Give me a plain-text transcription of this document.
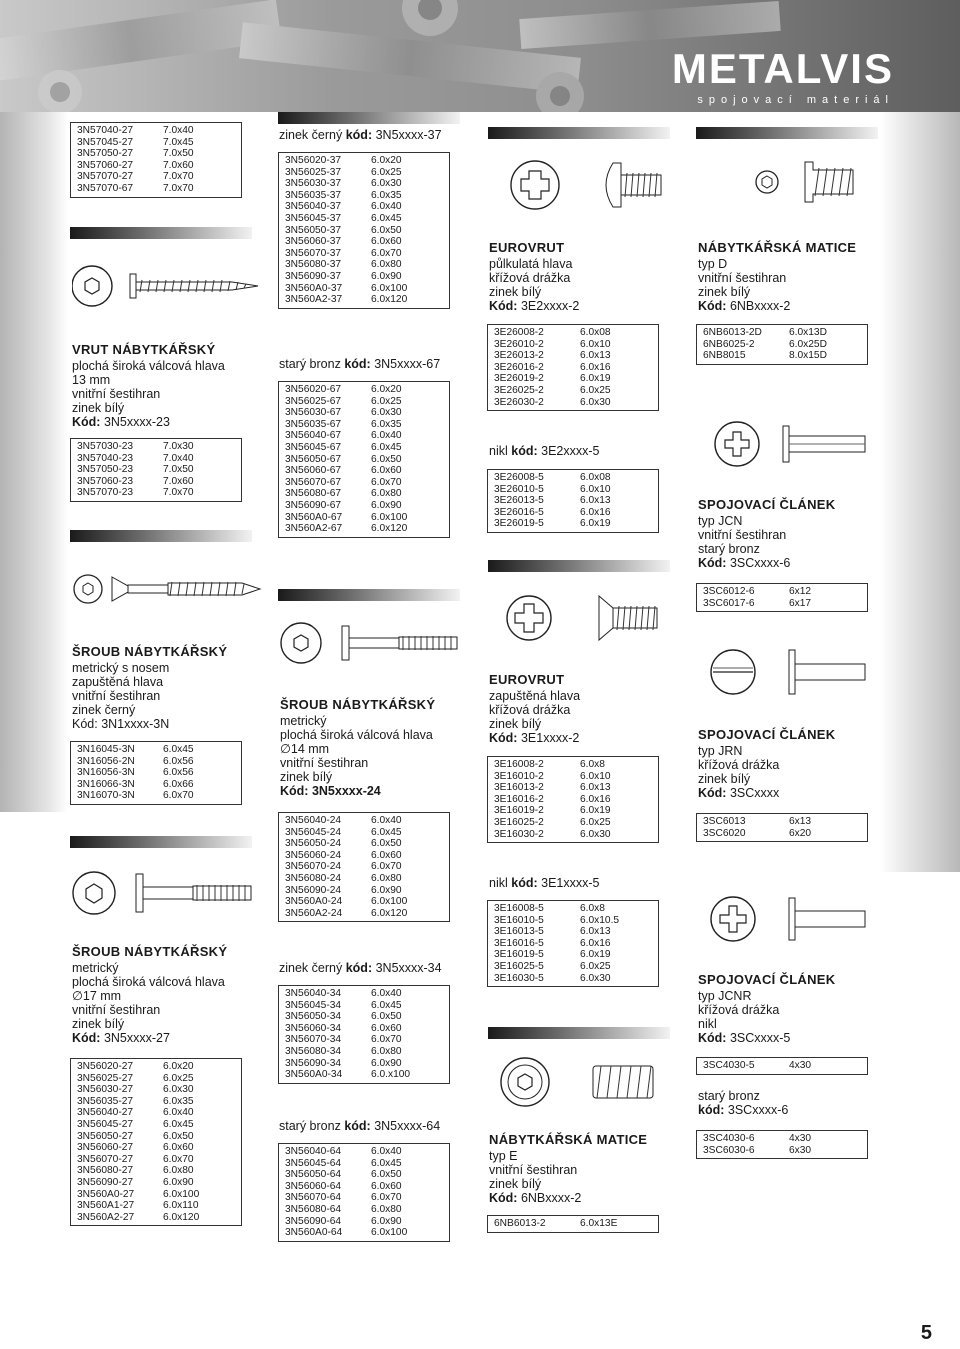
METALVIS
spojovací materiál
3N57040-27	7.0x40
3N57045-27	7.0x45
3N57050-27	7.0x50
3N57060-27	7.0x60
3N57070-27	7.0x70
3N57070-67	7.0x70
VRUT NÁBYTKÁŘSKÝ
plochá široká válcová hlava
13 mm
vnitřní šestihran
zinek bílý
Kód: 3N5xxxx-23
3N57030-23	7.0x30
3N57040-23	7.0x40
3N57050-23	7.0x50
3N57060-23	7.0x60
3N57070-23	7.0x70
ŠROUB NÁBYTKÁŘSKÝ
metrický s nosem
zapuštěná hlava
vnitřní šestihran
zinek černý
Kód: 3N1xxxx-3N
3N16045-3N	6.0x45
3N16056-2N	6.0x56
3N16056-3N	6.0x56
3N16066-3N	6.0x66
3N16070-3N	6.0x70
ŠROUB NÁBYTKÁŘSKÝ
metrický
plochá široká válcová hlava
∅17 mm
vnitřní šestihran
zinek bílý
Kód: 3N5xxxx-27
3N56020-27	6.0x20
3N56025-27	6.0x25
3N56030-27	6.0x30
3N56035-27	6.0x35
3N56040-27	6.0x40
3N56045-27	6.0x45
3N56050-27	6.0x50
3N56060-27	6.0x60
3N56070-27	6.0x70
3N56080-27	6.0x80
3N56090-27	6.0x90
3N560A0-27	6.0x100
3N560A1-27	6.0x110
3N560A2-27	6.0x120
zinek černý kód: 3N5xxxx-37
3N56020-37	6.0x20
3N56025-37	6.0x25
3N56030-37	6.0x30
3N56035-37	6.0x35
3N56040-37	6.0x40
3N56045-37	6.0x45
3N56050-37	6.0x50
3N56060-37	6.0x60
3N56070-37	6.0x70
3N56080-37	6.0x80
3N56090-37	6.0x90
3N560A0-37	6.0x100
3N560A2-37	6.0x120
starý bronz kód: 3N5xxxx-67
3N56020-67	6.0x20
3N56025-67	6.0x25
3N56030-67	6.0x30
3N56035-67	6.0x35
3N56040-67	6.0x40
3N56045-67	6.0x45
3N56050-67	6.0x50
3N56060-67	6.0x60
3N56070-67	6.0x70
3N56080-67	6.0x80
3N56090-67	6.0x90
3N560A0-67	6.0x100
3N560A2-67	6.0x120
ŠROUB NÁBYTKÁŘSKÝ
metrický
plochá široká válcová hlava
∅14 mm
vnitřní šestihran
zinek bílý
Kód: 3N5xxxx-24
3N56040-24	6.0x40
3N56045-24	6.0x45
3N56050-24	6.0x50
3N56060-24	6.0x60
3N56070-24	6.0x70
3N56080-24	6.0x80
3N56090-24	6.0x90
3N560A0-24	6.0x100
3N560A2-24	6.0x120
zinek černý kód: 3N5xxxx-34
3N56040-34	6.0x40
3N56045-34	6.0x45
3N56050-34	6.0x50
3N56060-34	6.0x60
3N56070-34	6.0x70
3N56080-34	6.0x80
3N56090-34	6.0x90
3N560A0-34	6.0.x100
starý bronz kód: 3N5xxxx-64
3N56040-64	6.0x40
3N56045-64	6.0x45
3N56050-64	6.0x50
3N56060-64	6.0x60
3N56070-64	6.0x70
3N56080-64	6.0x80
3N56090-64	6.0x90
3N560A0-64	6.0x100
EUROVRUT
půlkulatá hlava
křížová drážka
zinek bílý
Kód: 3E2xxxx-2
3E26008-2	6.0x08
3E26010-2	6.0x10
3E26013-2	6.0x13
3E26016-2	6.0x16
3E26019-2	6.0x19
3E26025-2	6.0x25
3E26030-2	6.0x30
nikl kód: 3E2xxxx-5
3E26008-5	6.0x08
3E26010-5	6.0x10
3E26013-5	6.0x13
3E26016-5	6.0x16
3E26019-5	6.0x19
EUROVRUT
zapuštěná hlava
křížová drážka
zinek bílý
Kód: 3E1xxxx-2
3E16008-2	6.0x8
3E16010-2	6.0x10
3E16013-2	6.0x13
3E16016-2	6.0x16
3E16019-2	6.0x19
3E16025-2	6.0x25
3E16030-2	6.0x30
nikl kód: 3E1xxxx-5
3E16008-5	6.0x8
3E16010-5	6.0x10.5
3E16013-5	6.0x13
3E16016-5	6.0x16
3E16019-5	6.0x19
3E16025-5	6.0x25
3E16030-5	6.0x30
NÁBYTKÁŘSKÁ MATICE
typ E
vnitřní šestihran
zinek bílý
Kód: 6NBxxxx-2
6NB6013-2	6.0x13E
NÁBYTKÁŘSKÁ MATICE
typ D
vnitřní šestihran
zinek bílý
Kód: 6NBxxxx-2
6NB6013-2D	6.0x13D
6NB6025-2	6.0x25D
6NB8015	8.0x15D
SPOJOVACÍ ČLÁNEK
typ JCN
vnitřní šestihran
starý bronz
Kód: 3SCxxxx-6
3SC6012-6	6x12
3SC6017-6	6x17
SPOJOVACÍ ČLÁNEK
typ JRN
křížová drážka
zinek bílý
Kód: 3SCxxxx
3SC6013	6x13
3SC6020	6x20
SPOJOVACÍ ČLÁNEK
typ JCNR
křížová drážka
nikl
Kód: 3SCxxxx-5
3SC4030-5	4x30
starý bronz
kód: 3SCxxxx-6
3SC4030-6	4x30
3SC6030-6	6x30
5
